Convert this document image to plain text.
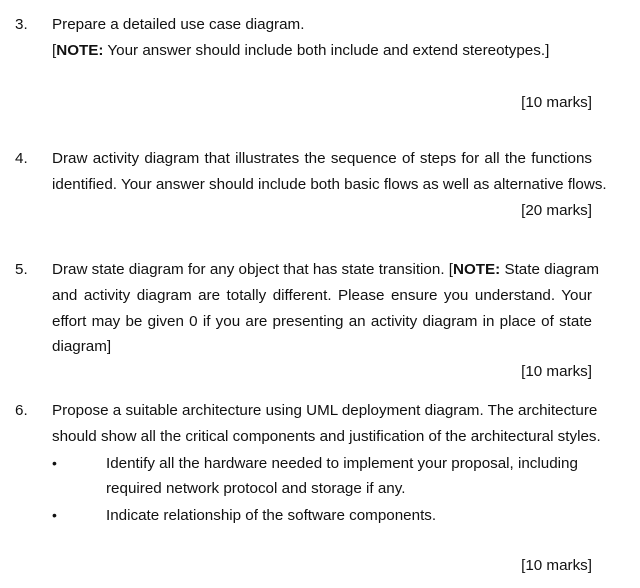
3. Prepare a detailed use case diagram.
[NOTE: Your answer should include both include and extend stereotypes.]
[10 marks]
4. Draw activity diagram that illustrates the sequence of steps for all the functions
identified. Your answer should include both basic flows as well as alternative flows.
[20 marks]
5. Draw state diagram for any object that has state transition. [NOTE: State diagram
and activity diagram are totally different. Please ensure you understand. Your
effort may be given 0 if you are presenting an activity diagram in place of state
diagram]
[10 marks]
6. Propose a suitable architecture using UML deployment diagram. The architecture
should show all the critical components and justification of the architectural styles.
•	Identify all the hardware needed to implement your proposal, including
required network protocol and storage if any.
•	Indicate relationship of the software components.
[10 marks]
